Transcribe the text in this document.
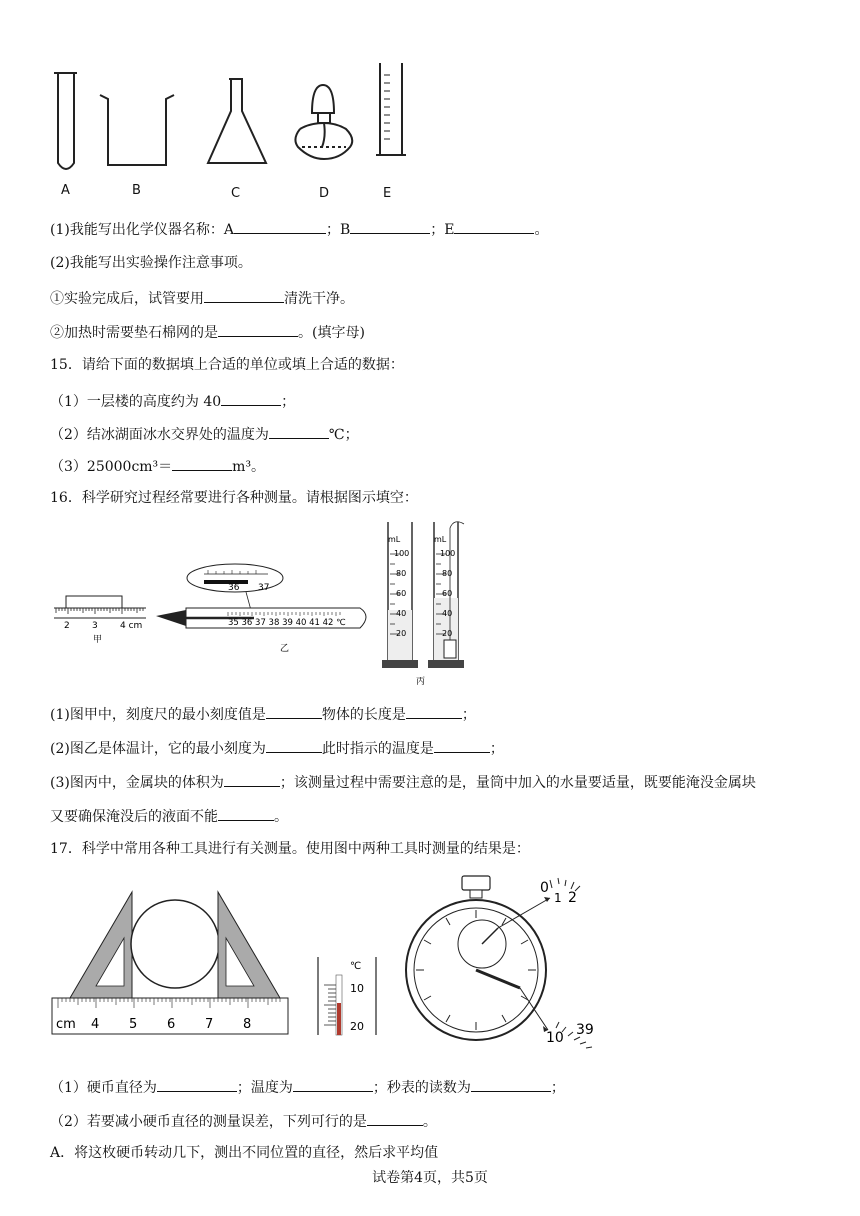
A	B	C	D	E
(1)我能写出化学仪器名称：A	；B	；E	。
(2)我能写出实验操作注意事项。
①实验完成后，试管要用	清洗干净。
②加热时需要垫石棉网的是	。(填字母)
15．请给下面的数据填上合适的单位或填上合适的数据：
（1）一层楼的高度约为 40	；
（2）结冰湖面冰水交界处的温度为	℃；
（3）25000cm³＝	m³。
16．科学研究过程经常要进行各种测量。请根据图示填空：
2 3 4 cm
甲
36 37
35 36 37 38 39 40 41 42 ℃
乙
mL
100
80
60
40
20
mL
100
80
60
40
20
丙
(1)图甲中，刻度尺的最小刻度值是	物体的长度是	；
(2)图乙是体温计，它的最小刻度为	此时指示的温度是	；
(3)图丙中，金属块的体积为	；该测量过程中需要注意的是，量筒中加入的水量要适量，既要能淹没金属块
又要确保淹没后的液面不能	。
17．科学中常用各种工具进行有关测量。使用图中两种工具时测量的结果是：
cm 4 5 6 7 8
℃
10
20
0
1 2
10 39
（1）硬币直径为	；温度为	；秒表的读数为	；
（2）若要减小硬币直径的测量误差，下列可行的是	。
A．将这枚硬币转动几下，测出不同位置的直径，然后求平均值
试卷第4页，共5页
